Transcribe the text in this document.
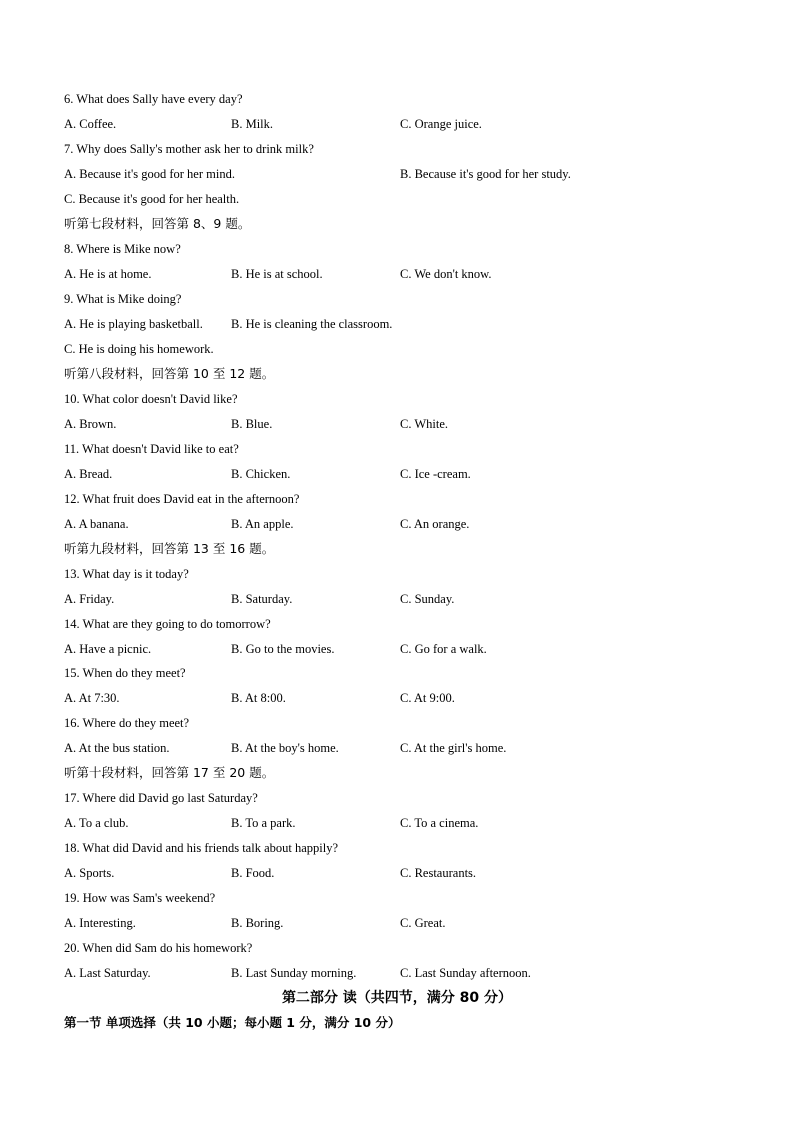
6. What does Sally have every day?
A. Coffee.	B. Milk.	C. Orange juice.
7. Why does Sally's mother ask her to drink milk?
A. Because it's good for her mind.	B. Because it's good for her study.
C. Because it's good for her health.
听第七段材料，回答第 8、9 题。
8. Where is Mike now?
A. He is at home.	B. He is at school.	C. We don't know.
9. What is Mike doing?
A. He is playing basketball. B. He is cleaning the classroom.
C. He is doing his homework.
听第八段材料，回答第 10 至 12 题。
10. What color doesn't David like?
A. Brown.	B. Blue.	C. White.
11. What doesn't David like to eat?
A. Bread.	B. Chicken.	C. Ice -cream.
12. What fruit does David eat in the afternoon?
A. A banana.	B. An apple.	C. An orange.
听第九段材料，回答第 13 至 16 题。
13. What day is it today?
A. Friday.	B. Saturday.	C. Sunday.
14. What are they going to do tomorrow?
A. Have a picnic.	B. Go to the movies.	C. Go for a walk.
15. When do they meet?
A. At 7:30.	B. At 8:00.	C. At 9:00.
16. Where do they meet?
A. At the bus station.	B. At the boy's home.	C. At the girl's home.
听第十段材料，回答第 17 至 20 题。
17. Where did David go last Saturday?
A. To a club.	B. To a park.	C. To a cinema.
18. What did David and his friends talk about happily?
A. Sports.	B. Food.	C. Restaurants.
19. How was Sam's weekend?
A. Interesting.	B. Boring.	C. Great.
20. When did Sam do his homework?
A. Last Saturday.	B. Last Sunday morning.	C. Last Sunday afternoon.
第二部分 读（共四节，满分 80 分）
第一节 单项选择（共 10 小题；每小题 1 分，满分 10 分）
